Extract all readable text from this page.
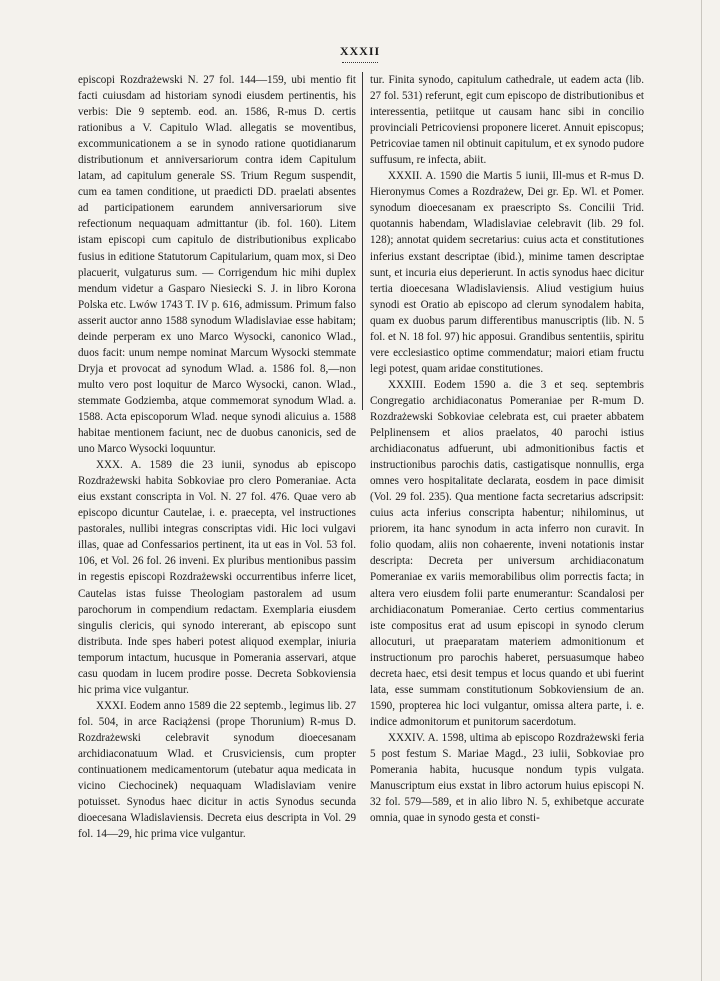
XXXII

episcopi Rozdrażewski N. 27 fol. 144—159, ubi mentio fit facti cuiusdam ad historiam synodi eiusdem pertinentis, his verbis: Die 9 septemb. eod. an. 1586, R-mus D. certis rationibus a V. Capitulo Wlad. allegatis se moventibus, excommunicationem a se in synodo ratione quotidianarum distributionum et anniversariorum contra idem Capitulum latam, ad capitulum generale SS. Trium Regum suspendit, cum ea tamen conditione, ut praedicti DD. praelati absentes ad participationem earundem anniversariorum sive refectionum nequaquam admittantur (ib. fol. 160). Litem istam episcopi cum capitulo de distributionibus explicabo fusius in editione Statutorum Capitularium, quam mox, si Deo placuerit, vulgaturus sum. — Corrigendum hic mihi duplex mendum videtur a Gasparo Niesiecki S. J. in libro Korona Polska etc. Lwów 1743 T. IV p. 616, admissum. Primum falso asserit auctor anno 1588 synodum Wladislaviae esse habitam; deinde perperam ex uno Marco Wysocki, canonico Wlad., duos facit: unum nempe nominat Marcum Wysocki stemmate Dryja et provocat ad synodum Wlad. a. 1586 fol. 8,—non multo vero post loquitur de Marco Wysocki, canon. Wlad., stemmate Godziemba, atque commemorat synodum Wlad. a. 1588. Acta episcoporum Wlad. neque synodi alicuius a. 1588 habitae mentionem faciunt, nec de duobus canonicis, sed de uno Marco Wysocki loquuntur.

XXX. A. 1589 die 23 iunii, synodus ab episcopo Rozdrażewski habita Sobkoviae pro clero Pomeraniae. Acta eius exstant conscripta in Vol. N. 27 fol. 476. Quae vero ab episcopo dicuntur Cautelae, i. e. praecepta, vel instructiones pastorales, nullibi integras conscriptas vidi. Hic loci vulgavi illas, quae ad Confessarios pertinent, ita ut eas in Vol. 53 fol. 106, et Vol. 26 fol. 26 inveni. Ex pluribus mentionibus passim in regestis episcopi Rozdrażewski occurrentibus inferre licet, Cautelas istas fuisse Theologiam pastoralem ad usum parochorum in compendium redactam. Exemplaria eiusdem singulis clericis, qui synodo intererant, ab episcopo sunt distributa. Inde spes haberi potest aliquod exemplar, iniuria temporum intactum, hucusque in Pomerania asservari, atque casu quodam in lucem prodire posse. Decreta Sobkoviensia hic prima vice vulgantur.

XXXI. Eodem anno 1589 die 22 septemb., legimus lib. 27 fol. 504, in arce Raciążensi (prope Thorunium) R-mus D. Rozdrażewski celebravit synodum dioecesanam archidiaconatuum Wlad. et Crusviciensis, cum propter continuationem medicamentorum (utebatur aqua medicata in vicino Ciechocinek) nequaquam Wladislaviam venire potuisset. Synodus haec dicitur in actis Synodus secunda dioecesana Wladislaviensis. Decreta eius descripta in Vol. 29 fol. 14—29, hic prima vice vulgantur.

tur. Finita synodo, capitulum cathedrale, ut eadem acta (lib. 27 fol. 531) referunt, egit cum episcopo de distributionibus et interessentia, petiitque ut causam hanc sibi in concilio provinciali Petricoviensi proponere liceret. Annuit episcopus; Petricoviae tamen nil obtinuit capitulum, et ex synodo pudore suffusum, re infecta, abiit.

XXXII. A. 1590 die Martis 5 iunii, Ill-mus et R-mus D. Hieronymus Comes a Rozdrażew, Dei gr. Ep. Wl. et Pomer. synodum dioecesanam ex praescripto Ss. Concilii Trid. quotannis habendam, Wladislaviae celebravit (lib. 29 fol. 128); annotat quidem secretarius: cuius acta et constitutiones inferius exstant descriptae (ibid.), minime tamen descriptae sunt, et incuria eius deperierunt. In actis synodus haec dicitur tertia dioecesana Wladislaviensis. Aliud vestigium huius synodi est Oratio ab episcopo ad clerum synodalem habita, quam ex duobus parum differentibus manuscriptis (lib. N. 5 fol. et N. 18 fol. 97) hic apposui. Grandibus sententiis, spiritu vere ecclesiastico optime commendatur; maiori etiam fructu legi potest, quam aridae constitutiones.

XXXIII. Eodem 1590 a. die 3 et seq. septembris Congregatio archidiaconatus Pomeraniae per R-mum D. Rozdrażewski Sobkoviae celebrata est, cui praeter abbatem Pelplinensem et alios praelatos, 40 parochi istius archidiaconatus adfuerunt, ubi admonitionibus factis et instructionibus parochis datis, castigatisque nonnullis, erga omnes vero hospitalitate declarata, eosdem in pace dimisit (Vol. 29 fol. 235). Qua mentione facta secretarius adscripsit: cuius acta inferius conscripta habentur; nihilominus, ut priorem, ita hanc synodum in acta inferro non curavit. In folio quodam, aliis non cohaerente, inveni notationis instar descripta: Decreta per universum archidiaconatum Pomeraniae ex variis memorabilibus olim porrectis facta; in altera vero eiusdem folii parte enumerantur: Scandalosi per archidiaconatum Pomeraniae. Certo certius commentarius iste compositus erat ad usum episcopi in synodo clerum allocuturi, ut praeparatam materiem admonitionum et instructionum pro parochis haberet, persuasumque habeo decreta haec, etsi desit tempus et locus quando et ubi fuerint lata, esse summam constitutionum Sobkoviensium de an. 1590, propterea hic loci vulgantur, omissa altera parte, i. e. indice admonitorum et punitorum sacerdotum.

XXXIV. A. 1598, ultima ab episcopo Rozdrażewski feria 5 post festum S. Mariae Magd., 23 iulii, Sobkoviae pro Pomerania habita, hucusque nondum typis vulgata. Manuscriptum eius exstat in libro actorum huius episcopi N. 32 fol. 579—589, et in alio libro N. 5, exhibetque accurate omnia, quae in synodo gesta et consti-
